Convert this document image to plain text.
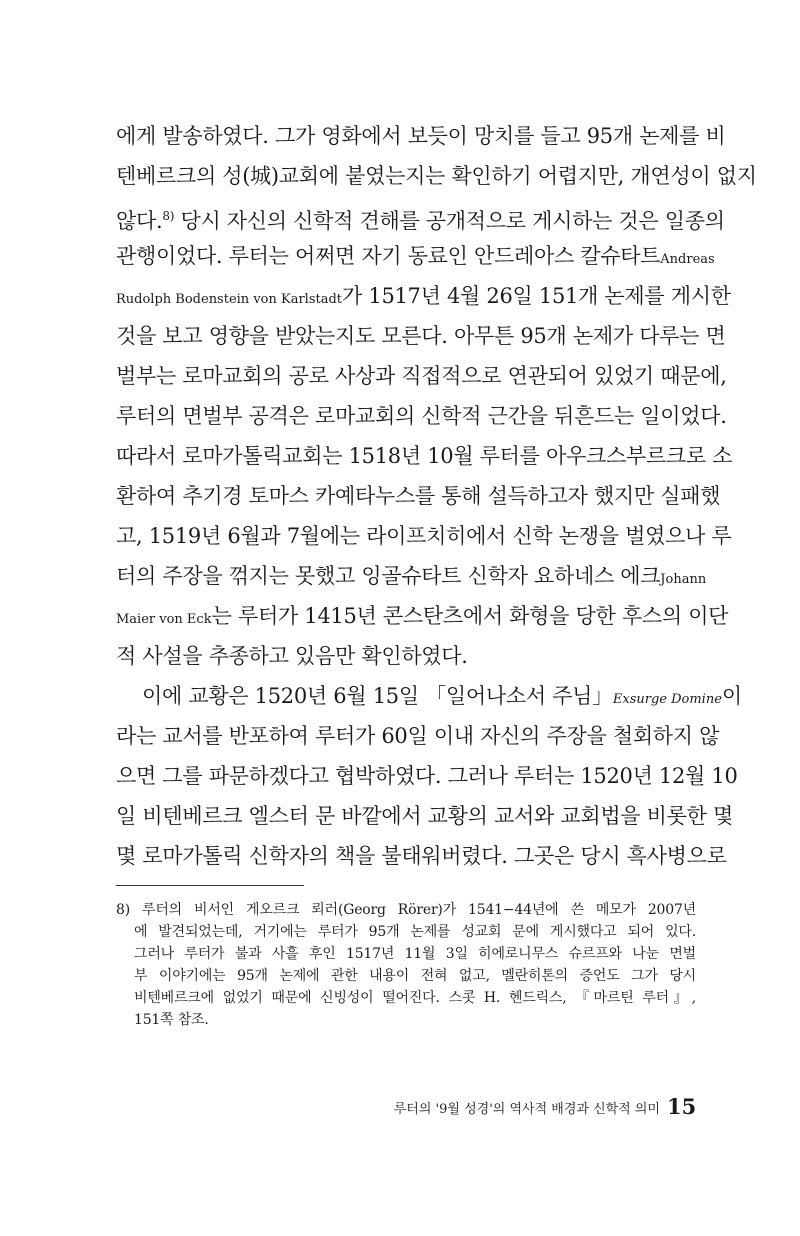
에게 발송하였다. 그가 영화에서 보듯이 망치를 들고 95개 논제를 비
텐베르크의 성(城)교회에 붙였는지는 확인하기 어렵지만, 개연성이 없지
않다.$^{8)}$ 당시 자신의 신학적 견해를 공개적으로 게시하는 것은 일종의
관행이었다. 루터는 어쩌면 자기 동료인 안드레아스 칼슈타트Andreas
Rudolph Bodenstein von Karlstadt가 1517년 4월 26일 151개 논제를 게시한
것을 보고 영향을 받았는지도 모른다. 아무튼 95개 논제가 다루는 면
벌부는 로마교회의 공로 사상과 직접적으로 연관되어 있었기 때문에,
루터의 면벌부 공격은 로마교회의 신학적 근간을 뒤흔드는 일이었다.
따라서 로마가톨릭교회는 1518년 10월 루터를 아우크스부르크로 소
환하여 추기경 토마스 카예타누스를 통해 설득하고자 했지만 실패했
고, 1519년 6월과 7월에는 라이프치히에서 신학 논쟁을 벌였으나 루
터의 주장을 꺾지는 못했고 잉골슈타트 신학자 요하네스 에크Johann
Maier von Eck는 루터가 1415년 콘스탄츠에서 화형을 당한 후스의 이단
적 사설을 추종하고 있음만 확인하였다.
이에 교황은 1520년 6월 15일 「일어나소서 주님」Exsurge Domine이
라는 교서를 반포하여 루터가 60일 이내 자신의 주장을 철회하지 않
으면 그를 파문하겠다고 협박하였다. 그러나 루터는 1520년 12월 10
일 비텐베르크 엘스터 문 바깥에서 교황의 교서와 교회법을 비롯한 몇
몇 로마가톨릭 신학자의 책을 불태워버렸다. 그곳은 당시 흑사병으로
8) 루터의 비서인 게오르크 뢰러(Georg Rörer)가 1541−44년에 쓴 메모가 2007년
에 발견되었는데, 거기에는 루터가 95개 논제를 성교회 문에 게시했다고 되어 있다.
그러나 루터가 불과 사흘 후인 1517년 11월 3일 히에로니무스 슈르프와 나눈 면벌
부 이야기에는 95개 논제에 관한 내용이 전혀 없고, 멜란히톤의 증언도 그가 당시
비텐베르크에 없었기 때문에 신빙성이 떨어진다. 스콧 H. 헨드릭스, 『마르틴 루터』,
151쪽 참조.
루터의 '9월 성경'의 역사적 배경과 신학적 의미 15
